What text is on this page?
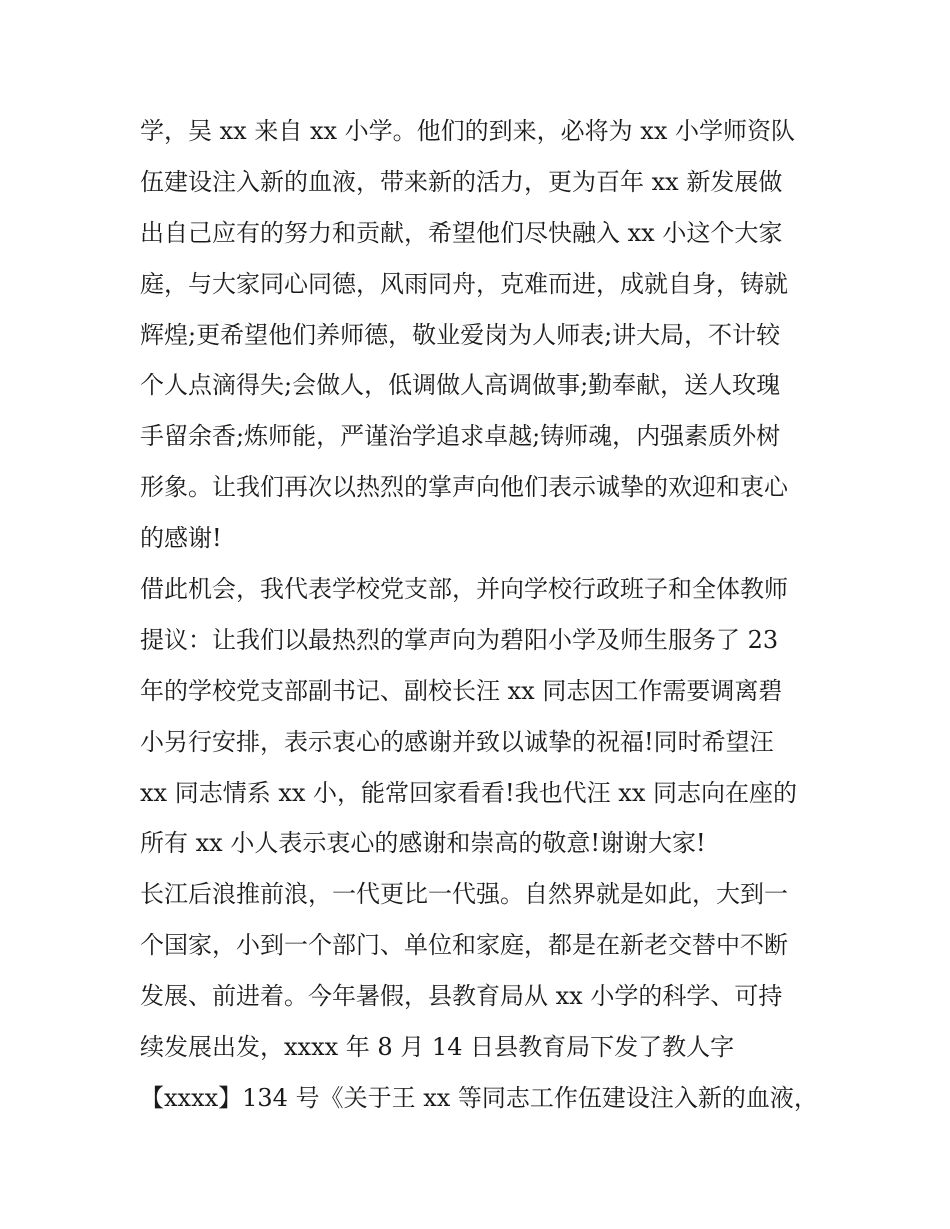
学，吴 xx 来自 xx 小学。他们的到来，必将为 xx 小学师资队
伍建设注入新的血液，带来新的活力，更为百年 xx 新发展做
出自己应有的努力和贡献，希望他们尽快融入 xx 小这个大家
庭，与大家同心同德，风雨同舟，克难而进，成就自身，铸就
辉煌;更希望他们养师德，敬业爱岗为人师表;讲大局，不计较
个人点滴得失;会做人，低调做人高调做事;勤奉献，送人玫瑰
手留余香;炼师能，严谨治学追求卓越;铸师魂，内强素质外树
形象。让我们再次以热烈的掌声向他们表示诚挚的欢迎和衷心
的感谢!
借此机会，我代表学校党支部，并向学校行政班子和全体教师
提议：让我们以最热烈的掌声向为碧阳小学及师生服务了 23
年的学校党支部副书记、副校长汪 xx 同志因工作需要调离碧
小另行安排，表示衷心的感谢并致以诚挚的祝福!同时希望汪
xx 同志情系 xx 小，能常回家看看!我也代汪 xx 同志向在座的
所有 xx 小人表示衷心的感谢和崇高的敬意!谢谢大家!
长江后浪推前浪，一代更比一代强。自然界就是如此，大到一
个国家，小到一个部门、单位和家庭，都是在新老交替中不断
发展、前进着。今年暑假，县教育局从 xx 小学的科学、可持
续发展出发，xxxx 年 8 月 14 日县教育局下发了教人字
【xxxx】134 号《关于王 xx 等同志工作伍建设注入新的血液，
